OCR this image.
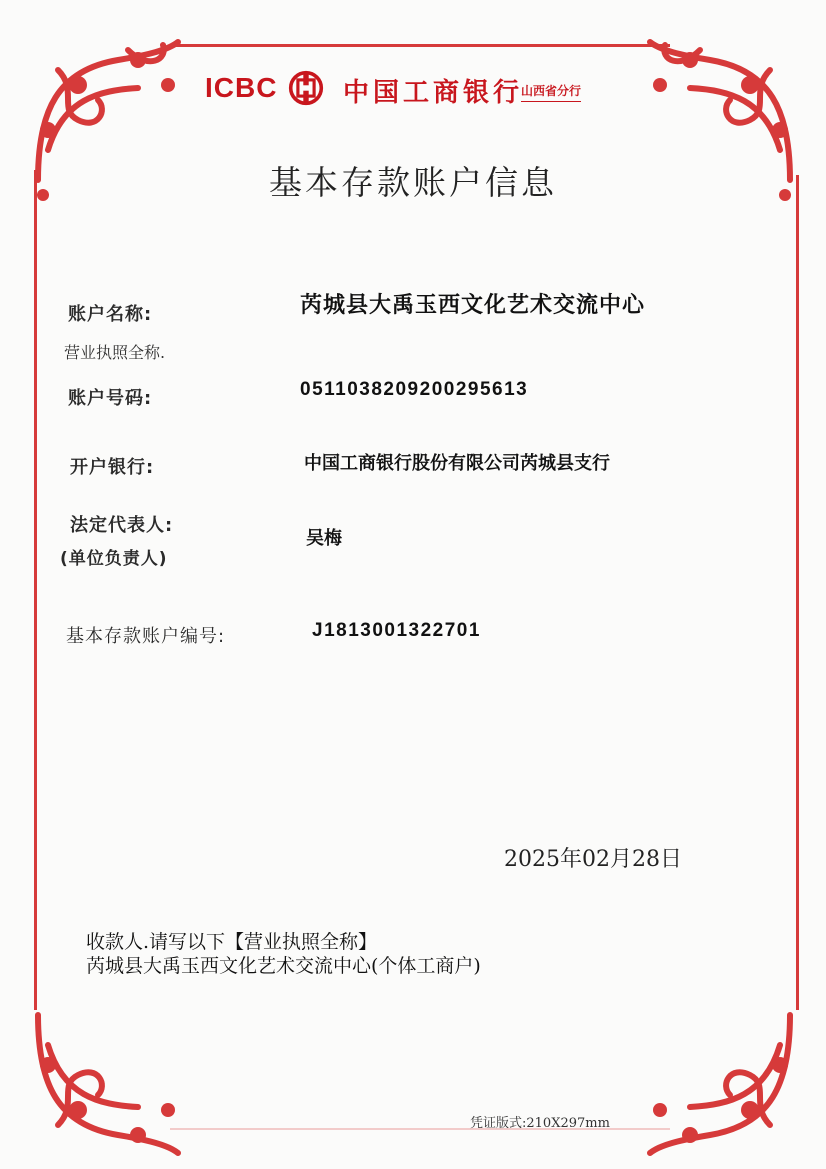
ICBC	中国工商银行
山西省分行
基本存款账户信息
账户名称:	芮城县大禹玉西文化艺术交流中心
营业执照全称.
账户号码:	0511038209200295613
开户银行:	中国工商银行股份有限公司芮城县支行
法定代表人:
(单位负责人)
吴梅
基本存款账户编号:	J1813001322701
2025年02月28日
收款人.请写以下【营业执照全称】
芮城县大禹玉西文化艺术交流中心(个体工商户)
凭证版式:210X297mm
